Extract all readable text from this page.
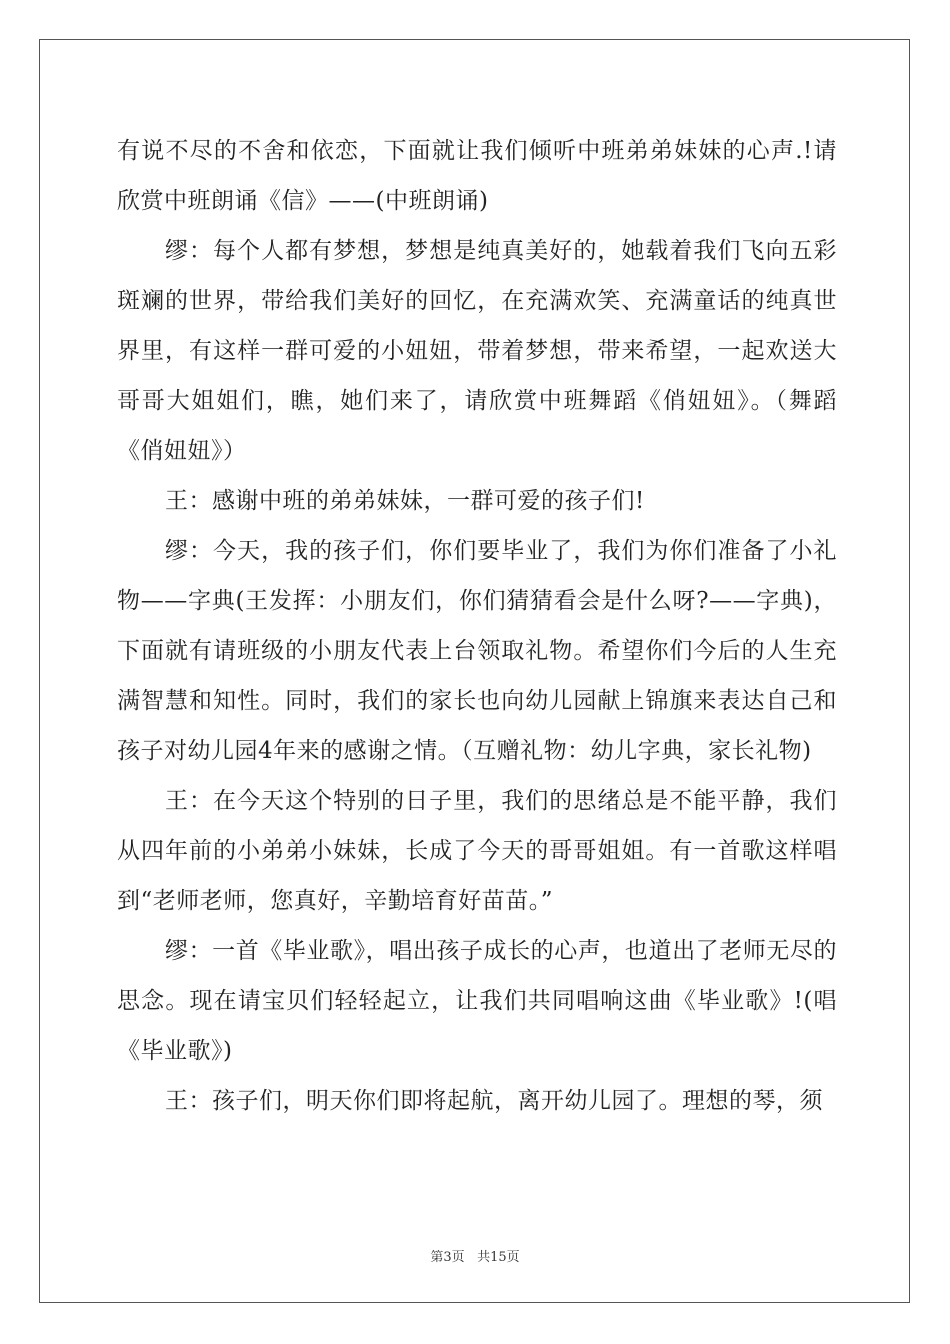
有说不尽的不舍和依恋，下面就让我们倾听中班弟弟妹妹的心声.!请欣赏中班朗诵《信》——(中班朗诵)

缪：每个人都有梦想，梦想是纯真美好的，她载着我们飞向五彩斑斓的世界，带给我们美好的回忆，在充满欢笑、充满童话的纯真世界里，有这样一群可爱的小妞妞，带着梦想，带来希望，一起欢送大哥哥大姐姐们，瞧，她们来了，请欣赏中班舞蹈《俏妞妞》。（舞蹈《俏妞妞》）

王：感谢中班的弟弟妹妹，一群可爱的孩子们!

缪：今天，我的孩子们，你们要毕业了，我们为你们准备了小礼物——字典(王发挥：小朋友们，你们猜猜看会是什么呀?——字典)，下面就有请班级的小朋友代表上台领取礼物。希望你们今后的人生充满智慧和知性。同时，我们的家长也向幼儿园献上锦旗来表达自己和孩子对幼儿园4年来的感谢之情。（互赠礼物：幼儿字典，家长礼物)

王：在今天这个特别的日子里，我们的思绪总是不能平静，我们从四年前的小弟弟小妹妹，长成了今天的哥哥姐姐。有一首歌这样唱到“老师老师，您真好，辛勤培育好苗苗。”

缪：一首《毕业歌》，唱出孩子成长的心声，也道出了老师无尽的思念。现在请宝贝们轻轻起立，让我们共同唱响这曲《毕业歌》!(唱《毕业歌》)

王：孩子们，明天你们即将起航，离开幼儿园了。理想的琴，须

第3页 共15页
